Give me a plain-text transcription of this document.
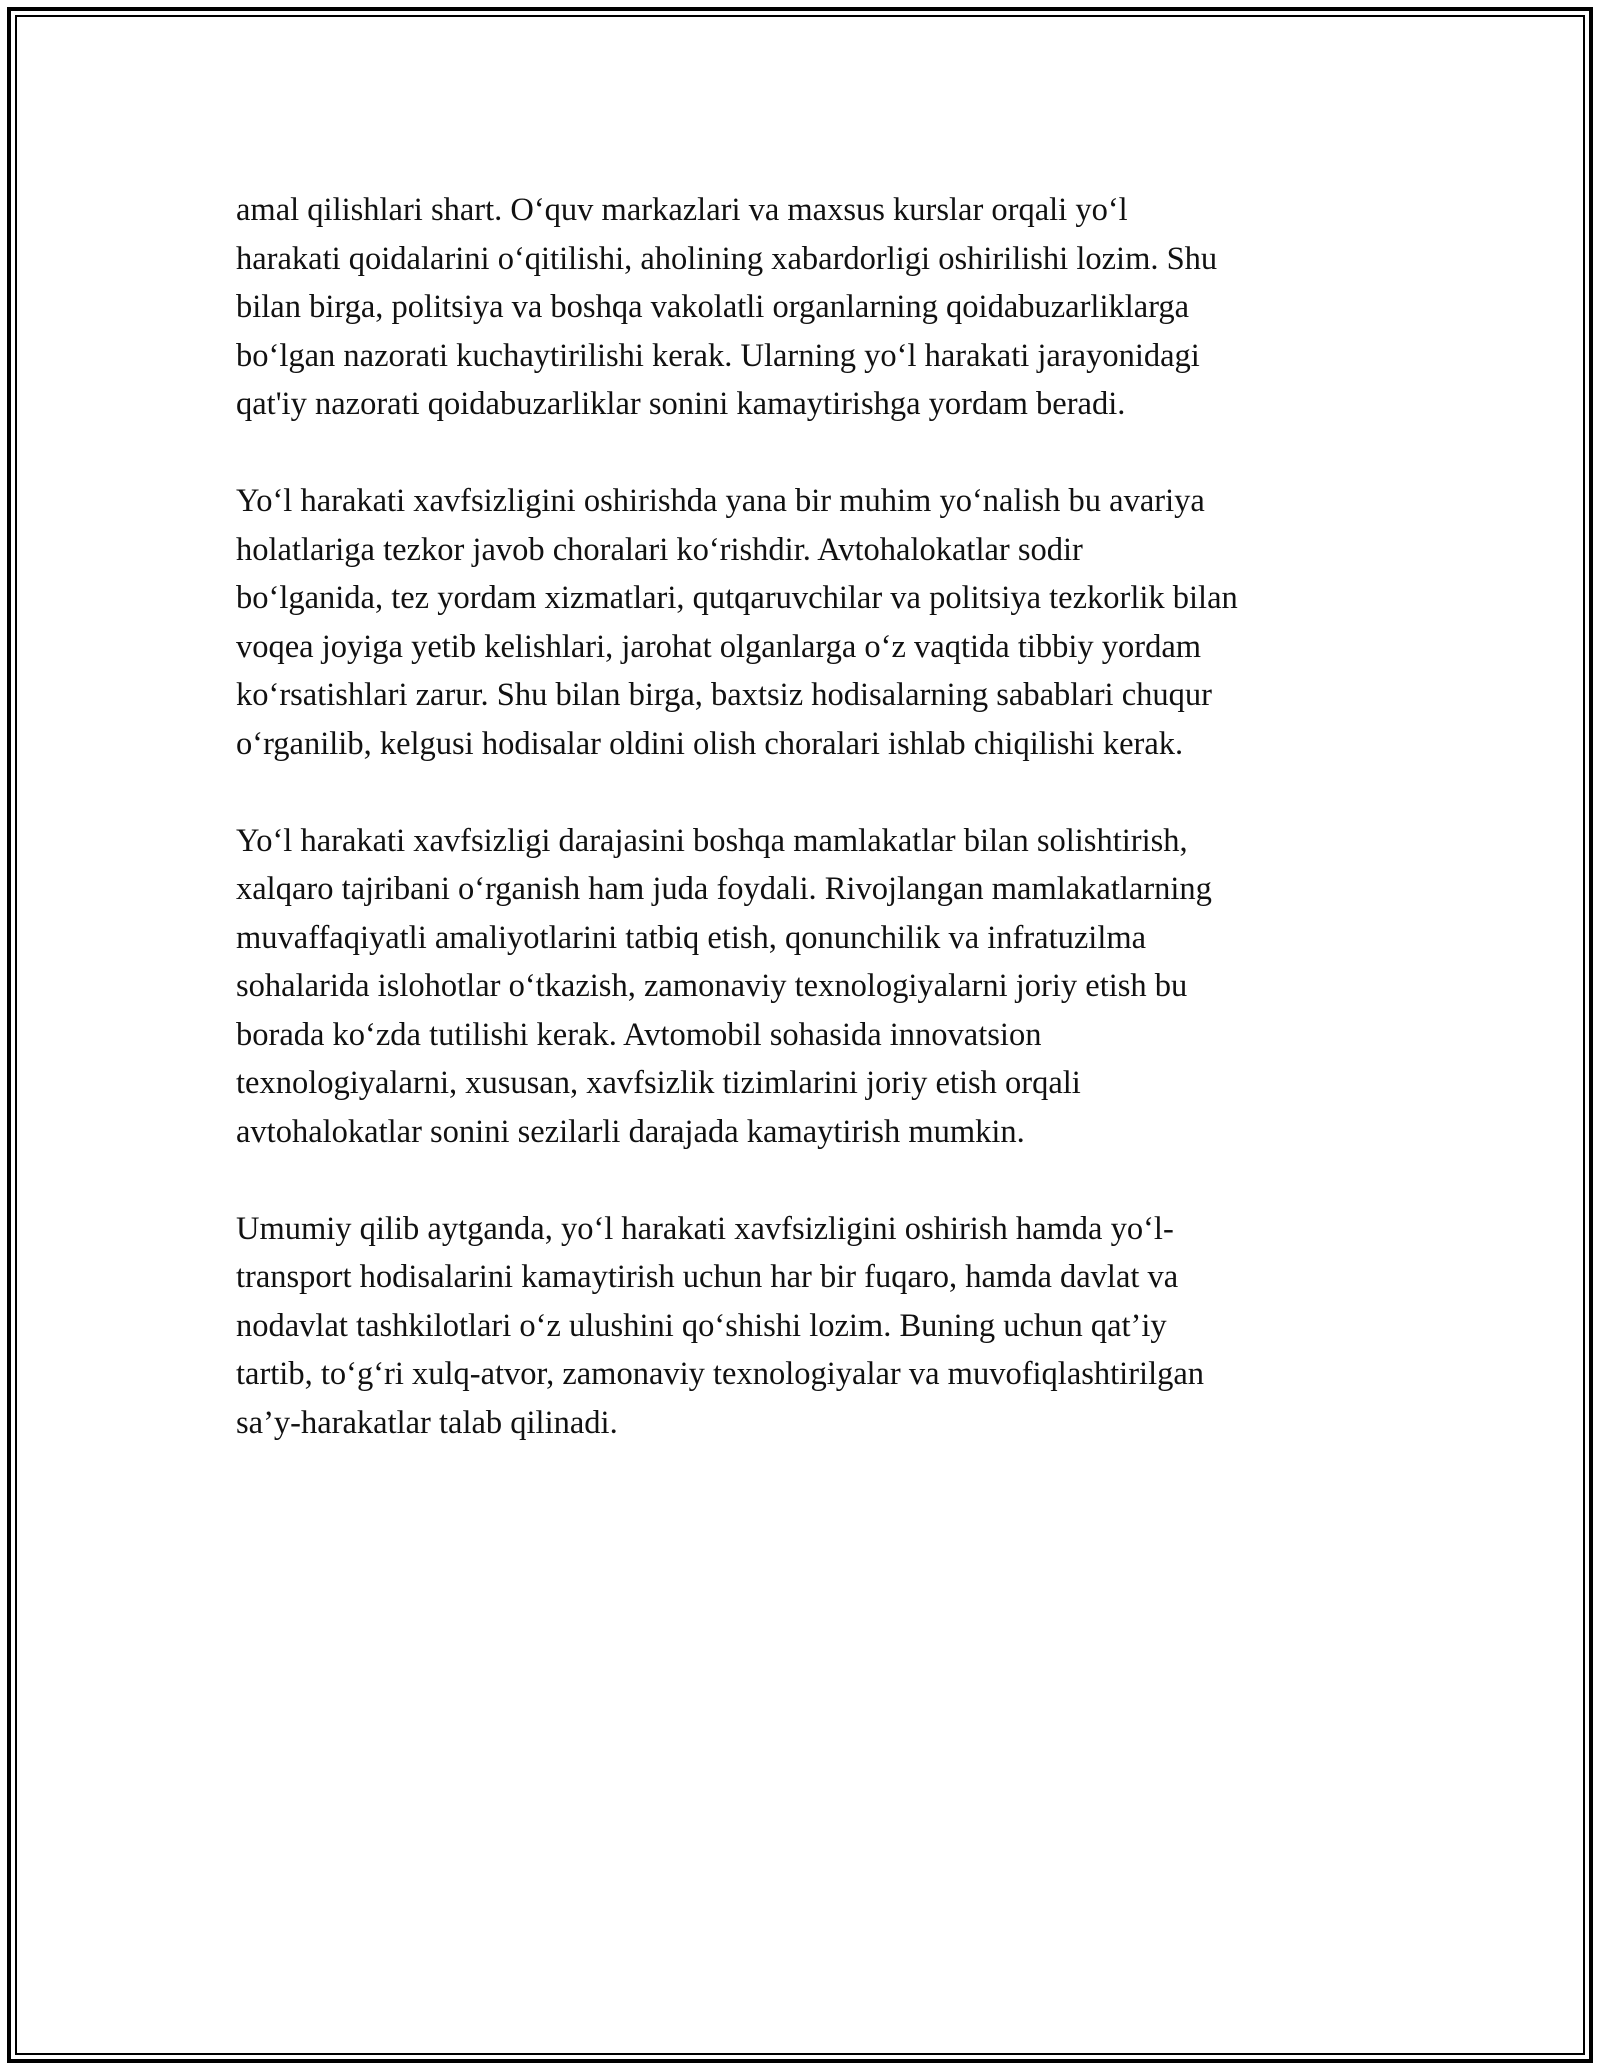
amal qilishlari shart. O‘quv markazlari va maxsus kurslar orqali yo‘l
harakati qoidalarini o‘qitilishi, aholining xabardorligi oshirilishi lozim. Shu
bilan birga, politsiya va boshqa vakolatli organlarning qoidabuzarliklarga
bo‘lgan nazorati kuchaytirilishi kerak. Ularning yo‘l harakati jarayonidagi
qat'iy nazorati qoidabuzarliklar sonini kamaytirishga yordam beradi.

Yo‘l harakati xavfsizligini oshirishda yana bir muhim yo‘nalish bu avariya
holatlariga tezkor javob choralari ko‘rishdir. Avtohalokatlar sodir
bo‘lganida, tez yordam xizmatlari, qutqaruvchilar va politsiya tezkorlik bilan
voqea joyiga yetib kelishlari, jarohat olganlarga o‘z vaqtida tibbiy yordam
ko‘rsatishlari zarur. Shu bilan birga, baxtsiz hodisalarning sabablari chuqur
o‘rganilib, kelgusi hodisalar oldini olish choralari ishlab chiqilishi kerak.

Yo‘l harakati xavfsizligi darajasini boshqa mamlakatlar bilan solishtirish,
xalqaro tajribani o‘rganish ham juda foydali. Rivojlangan mamlakatlarning
muvaffaqiyatli amaliyotlarini tatbiq etish, qonunchilik va infratuzilma
sohalarida islohotlar o‘tkazish, zamonaviy texnologiyalarni joriy etish bu
borada ko‘zda tutilishi kerak. Avtomobil sohasida innovatsion
texnologiyalarni, xususan, xavfsizlik tizimlarini joriy etish orqali
avtohalokatlar sonini sezilarli darajada kamaytirish mumkin.

Umumiy qilib aytganda, yo‘l harakati xavfsizligini oshirish hamda yo‘l-
transport hodisalarini kamaytirish uchun har bir fuqaro, hamda davlat va
nodavlat tashkilotlari o‘z ulushini qo‘shishi lozim. Buning uchun qat’iy
tartib, to‘g‘ri xulq-atvor, zamonaviy texnologiyalar va muvofiqlashtirilgan
sa’y-harakatlar talab qilinadi.
